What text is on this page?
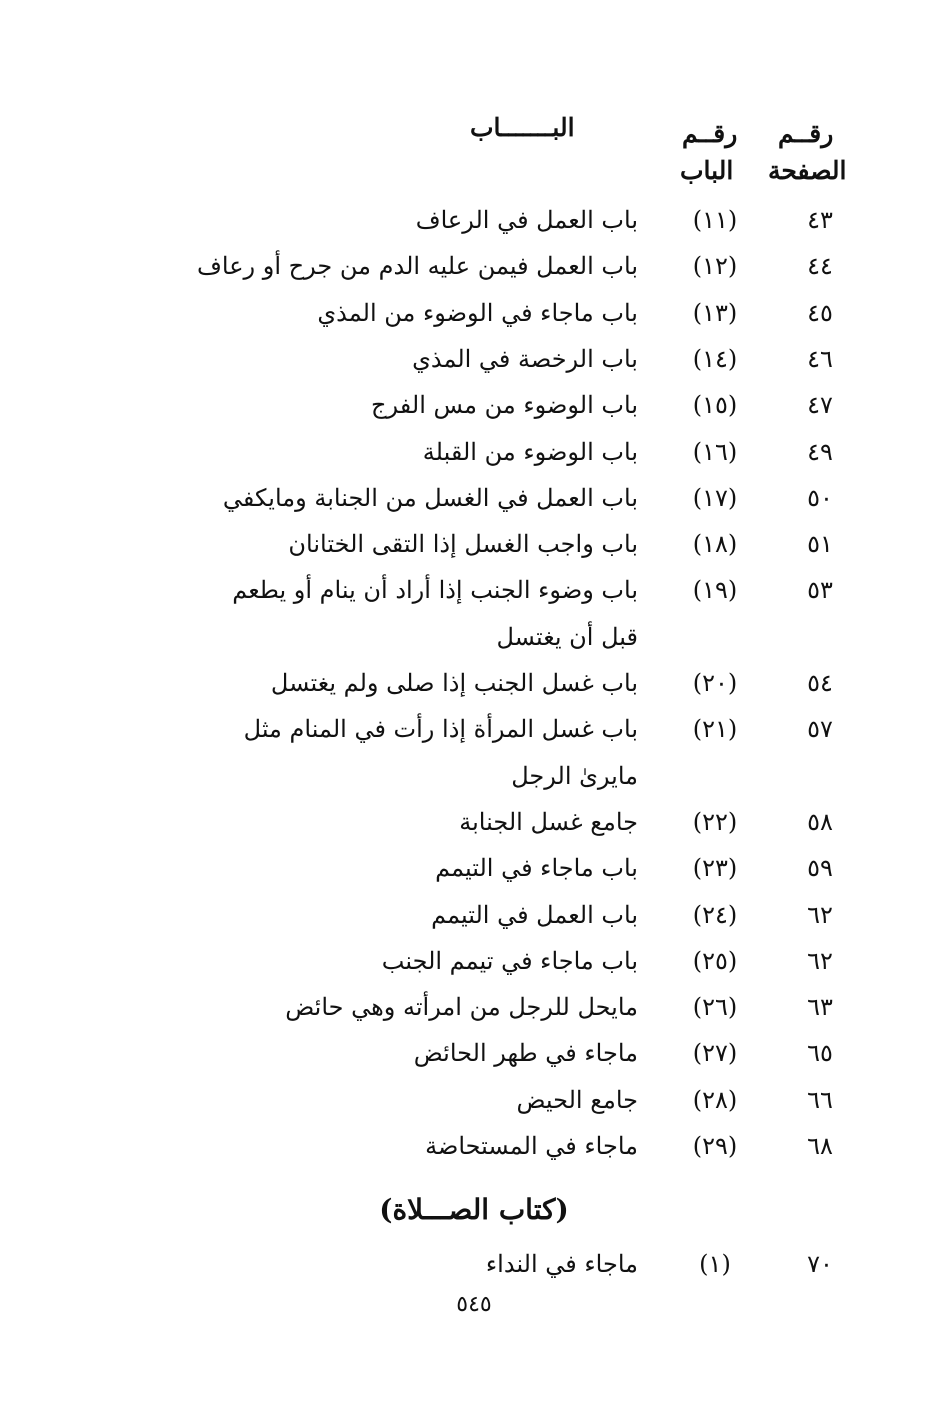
البـــــــاب	رقــم
الباب
رقــم
الصفحة
٤٣
(١١)
باب العمل في الرعاف
٤٤
(١٢)
باب العمل فيمن عليه الدم من جرح أو رعاف
٤٥
(١٣)
باب ماجاء في الوضوء من المذي
٤٦
(١٤)
باب الرخصة في المذي
٤٧
(١٥)
باب الوضوء من مس الفرج
٤٩
(١٦)
باب الوضوء من القبلة
٥٠
(١٧)
باب العمل في الغسل من الجنابة ومايكفي
٥١
(١٨)
باب واجب الغسل إذا التقى الختانان
٥٣
(١٩)
باب وضوء الجنب إذا أراد أن ينام أو يطعم
قبل أن يغتسل
٥٤
(٢٠)
باب غسل الجنب إذا صلى ولم يغتسل
٥٧
(٢١)
باب غسل المرأة إذا رأت في المنام مثل
مايرىٰ الرجل
٥٨
(٢٢)
جامع غسل الجنابة
٥٩
(٢٣)
باب ماجاء في التيمم
٦٢
(٢٤)
باب العمل في التيمم
٦٢
(٢٥)
باب ماجاء في تيمم الجنب
٦٣
(٢٦)
مايحل للرجل من امرأته وهي حائض
٦٥
(٢٧)
ماجاء في طهر الحائض
٦٦
(٢٨)
جامع الحيض
٦٨
(٢٩)
ماجاء في المستحاضة
(كتاب الصـــلاة)
٧٠
(١)
ماجاء في النداء
٥٤٥
